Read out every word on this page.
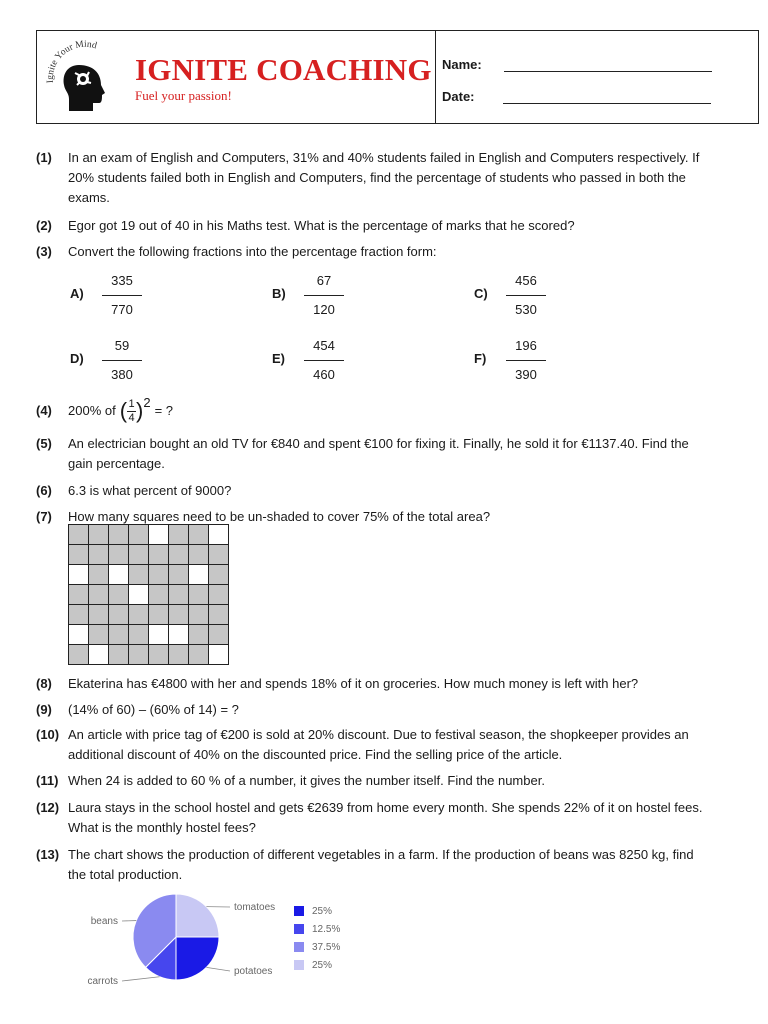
Ignite Your Mind
IGNITE COACHING
Fuel your passion!
Name:
Date:
(1) In an exam of English and Computers, 31% and 40% students failed in English and Computers respectively. If 20% students failed both in English and Computers, find the percentage of students who passed in both the exams.
(2) Egor got 19 out of 40 in his Maths test. What is the percentage of marks that he scored?
(3) Convert the following fractions into the percentage fraction form:
A)
335
770
B)
67
120
C)
456
530
D)
59
380
E)
454
460
F)
196
390
(4) 200% of ( 1
4 ) 2
= ?
(5) An electrician bought an old TV for €840 and spent €100 for fixing it. Finally, he sold it for €1137.40. Find the gain percentage.
(6) 6.3 is what percent of 9000?
(7) How many squares need to be un-shaded to cover 75% of the total area?
(8) Ekaterina has €4800 with her and spends 18% of it on groceries. How much money is left with her?
(9) (14% of 60) – (60% of 14) = ?
(10) An article with price tag of €200 is sold at 20% discount. Due to festival season, the shopkeeper provides an additional discount of 40% on the discounted price. Find the selling price of the article.
(11) When 24 is added to 60 % of a number, it gives the number itself. Find the number.
(12) Laura stays in the school hostel and gets €2639 from home every month. She spends 22% of it on hostel fees. What is the monthly hostel fees?
(13) The chart shows the production of different vegetables in a farm. If the production of beans was 8250 kg, find the total production.
tomatoes
potatoes
carrots
beans
25%
12.5%
37.5%
25%
